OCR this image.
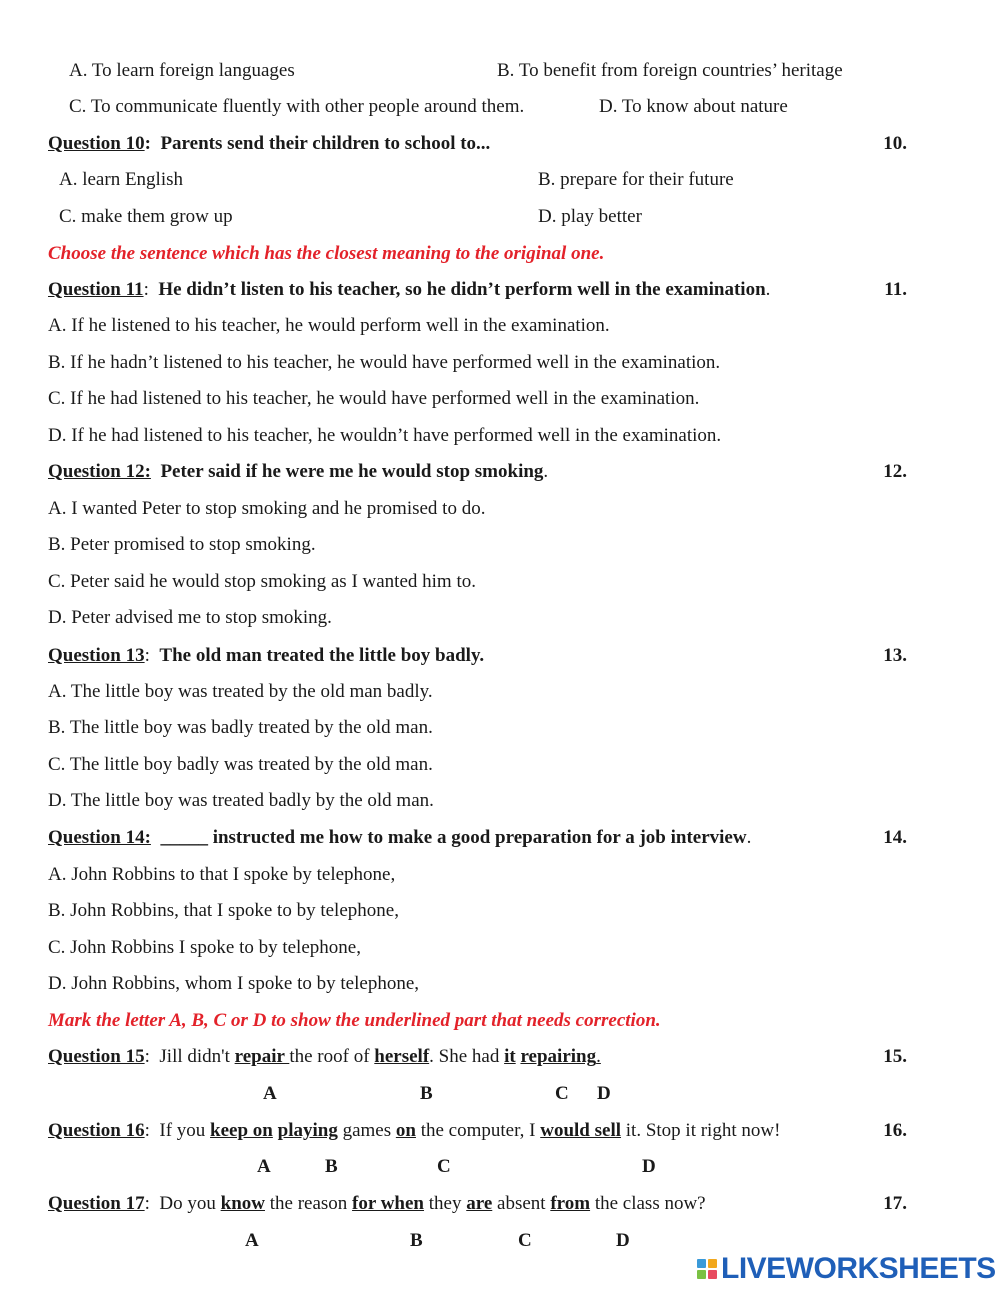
A. To learn foreign languages	B. To benefit from foreign countries’ heritage
C. To communicate fluently with other people around them.	D. To know about nature
Question 10: Parents send their children to school to...	10.
A. learn English	B. prepare for their future
C. make them grow up	D. play better
Choose the sentence which has the closest meaning to the original one.
Question 11: He didn’t listen to his teacher, so he didn’t perform well in the examination.	11.
A. If he listened to his teacher, he would perform well in the examination.
B. If he hadn’t listened to his teacher, he would have performed well in the examination.
C. If he had listened to his teacher, he would have performed well in the examination.
D. If he had listened to his teacher, he wouldn’t have performed well in the examination.
Question 12: Peter said if he were me he would stop smoking.	12.
A. I wanted Peter to stop smoking and he promised to do.
B. Peter promised to stop smoking.
C. Peter said he would stop smoking as I wanted him to.
D. Peter advised me to stop smoking.
Question 13: The old man treated the little boy badly.	13.
A. The little boy was treated by the old man badly.
B. The little boy was badly treated by the old man.
C. The little boy badly was treated by the old man.
D. The little boy was treated badly by the old man.
Question 14: _____ instructed me how to make a good preparation for a job interview.	14.
A. John Robbins to that I spoke by telephone,
B. John Robbins, that I spoke to by telephone,
C. John Robbins I spoke to by telephone,
D. John Robbins, whom I spoke to by telephone,
Mark the letter A, B, C or D to show the underlined part that needs correction.
Question 15: Jill didn't repair the roof of herself. She had it repairing.	15.
A	B	C D
Question 16: If you keep on playing games on the computer, I would sell it. Stop it right now!	16.
A	B	C	D
Question 17: Do you know the reason for when they are absent from the class now?	17.
A	B	C	D
LIVEWORKSHEETS
